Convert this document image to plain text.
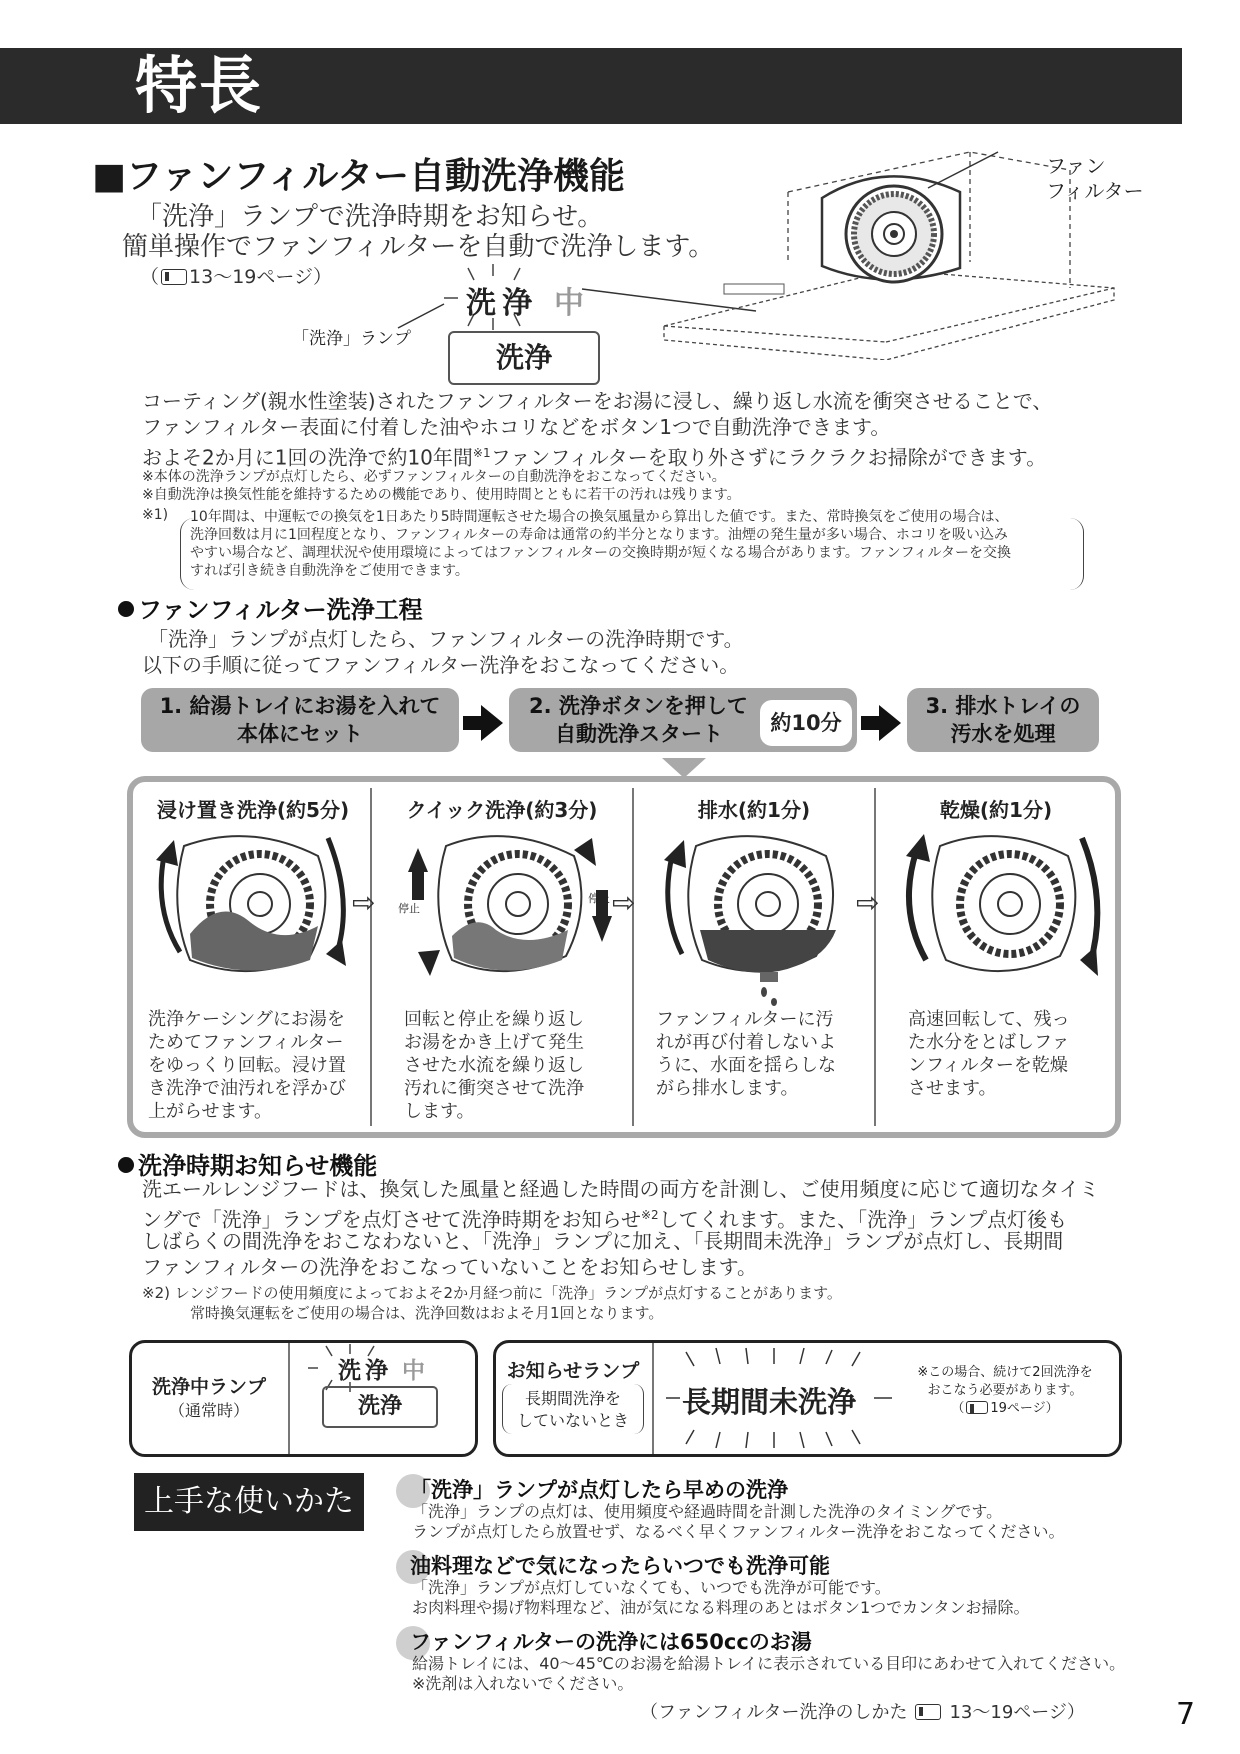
特長
■ファンフィルター自動洗浄機能
「洗浄」ランプで洗浄時期をお知らせ。
簡単操作でファンフィルターを自動で洗浄します。
（ 13〜19ページ）
洗浄 中
洗浄
「洗浄」ランプ
ファン
フィルター
コーティング(親水性塗装)されたファンフィルターをお湯に浸し、繰り返し水流を衝突させることで、
ファンフィルター表面に付着した油やホコリなどをボタン1つで自動洗浄できます。
およそ2か月に1回の洗浄で約10年間$^{※1}$ファンフィルターを取り外さずにラクラクお掃除ができます。
※本体の洗浄ランプが点灯したら、必ずファンフィルターの自動洗浄をおこなってください。
※自動洗浄は換気性能を維持するための機能であり、使用時間とともに若干の汚れは残ります。
※1) 10年間は、中運転での換気を1日あたり5時間運転させた場合の換気風量から算出した値です。また、常時換気をご使用の場合は、
洗浄回数は月に1回程度となり、ファンフィルターの寿命は通常の約半分となります。油煙の発生量が多い場合、ホコリを吸い込み
やすい場合など、調理状況や使用環境によってはファンフィルターの交換時期が短くなる場合があります。ファンフィルターを交換
すれば引き続き自動洗浄をご使用できます。
ファンフィルター洗浄工程
「洗浄」ランプが点灯したら、ファンフィルターの洗浄時期です。
以下の手順に従ってファンフィルター洗浄をおこなってください。
1. 給湯トレイにお湯を入れて
本体にセット
2. 洗浄ボタンを押して
自動洗浄スタート	約10分
3. 排水トレイの
汚水を処理
浸け置き洗浄(約5分)	クイック洗浄(約3分)	排水(約1分)	乾燥(約1分)
⇨ 停止
停止 ⇨	⇨
洗浄ケーシングにお湯を
ためてファンフィルター
をゆっくり回転。浸け置
き洗浄で油汚れを浮かび
上がらせます。
回転と停止を繰り返し
お湯をかき上げて発生
させた水流を繰り返し
汚れに衝突させて洗浄
します。
ファンフィルターに汚
れが再び付着しないよ
うに、水面を揺らしな
がら排水します。
高速回転して、残っ
た水分をとばしファ
ンフィルターを乾燥
させます。
洗浄時期お知らせ機能
洗エールレンジフードは、換気した風量と経過した時間の両方を計測し、ご使用頻度に応じて適切なタイミ
ングで「洗浄」ランプを点灯させて洗浄時期をお知らせ$^{※2}$してくれます。また、「洗浄」ランプ点灯後も
しばらくの間洗浄をおこなわないと、「洗浄」ランプに加え、「長期間未洗浄」ランプが点灯し、長期間
ファンフィルターの洗浄をおこなっていないことをお知らせします。
※2) レンジフードの使用頻度によっておよそ2か月経つ前に「洗浄」ランプが点灯することがあります。
常時換気運転をご使用の場合は、洗浄回数はおよそ月1回となります。
洗浄中ランプ
（通常時）
洗浄 中
洗浄
お知らせランプ
長期間洗浄を
していないとき
長期間未洗浄
※この場合、続けて2回洗浄を
おこなう必要があります。
（ 19ページ）
上手な使いかた	「洗浄」ランプが点灯したら早めの洗浄
「洗浄」ランプの点灯は、使用頻度や経過時間を計測した洗浄のタイミングです。
ランプが点灯したら放置せず、なるべく早くファンフィルター洗浄をおこなってください。
油料理などで気になったらいつでも洗浄可能
「洗浄」ランプが点灯していなくても、いつでも洗浄が可能です。
お肉料理や揚げ物料理など、油が気になる料理のあとはボタン1つでカンタンお掃除。
ファンフィルターの洗浄には650ccのお湯
給湯トレイには、40〜45℃のお湯を給湯トレイに表示されている目印にあわせて入れてください。
※洗剤は入れないでください。
（ファンフィルター洗浄のしかた 13〜19ページ）	7
